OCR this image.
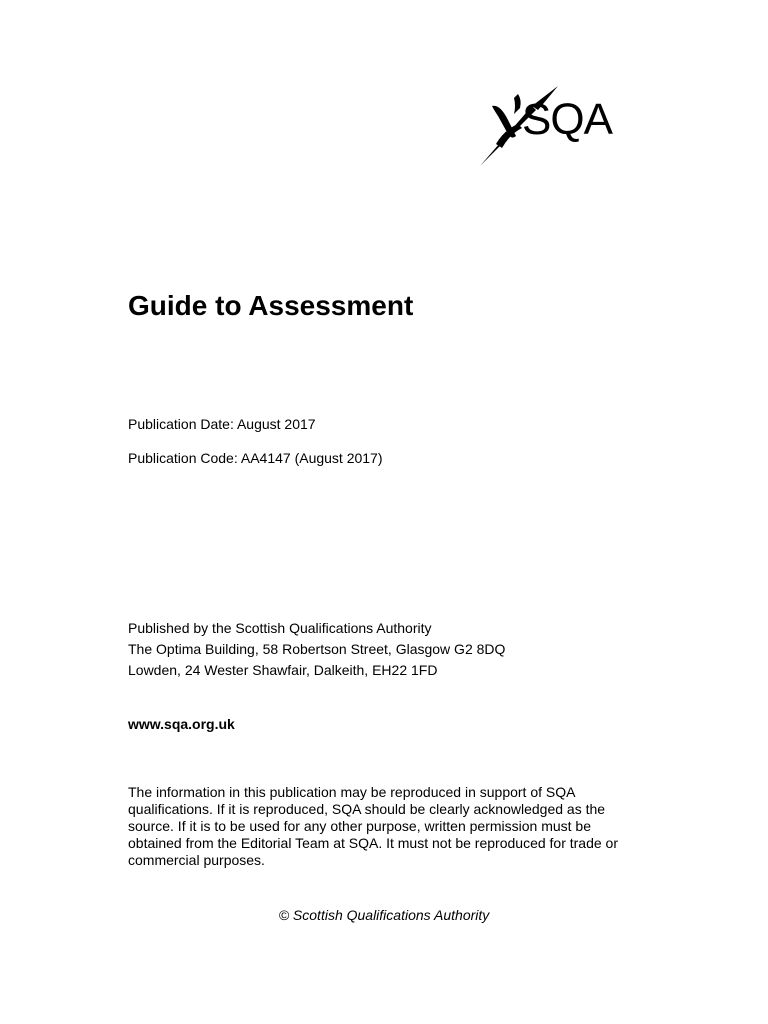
SQA
Guide to Assessment

Publication Date: August 2017

Publication Code: AA4147 (August 2017)

Published by the Scottish Qualifications Authority

The Optima Building, 58 Robertson Street, Glasgow G2 8DQ

Lowden, 24 Wester Shawfair, Dalkeith, EH22 1FD

www.sqa.org.uk

The information in this publication may be reproduced in support of SQA qualifications. If it is reproduced, SQA should be clearly acknowledged as the source. If it is to be used for any other purpose, written permission must be obtained from the Editorial Team at SQA. It must not be reproduced for trade or commercial purposes.

© Scottish Qualifications Authority
